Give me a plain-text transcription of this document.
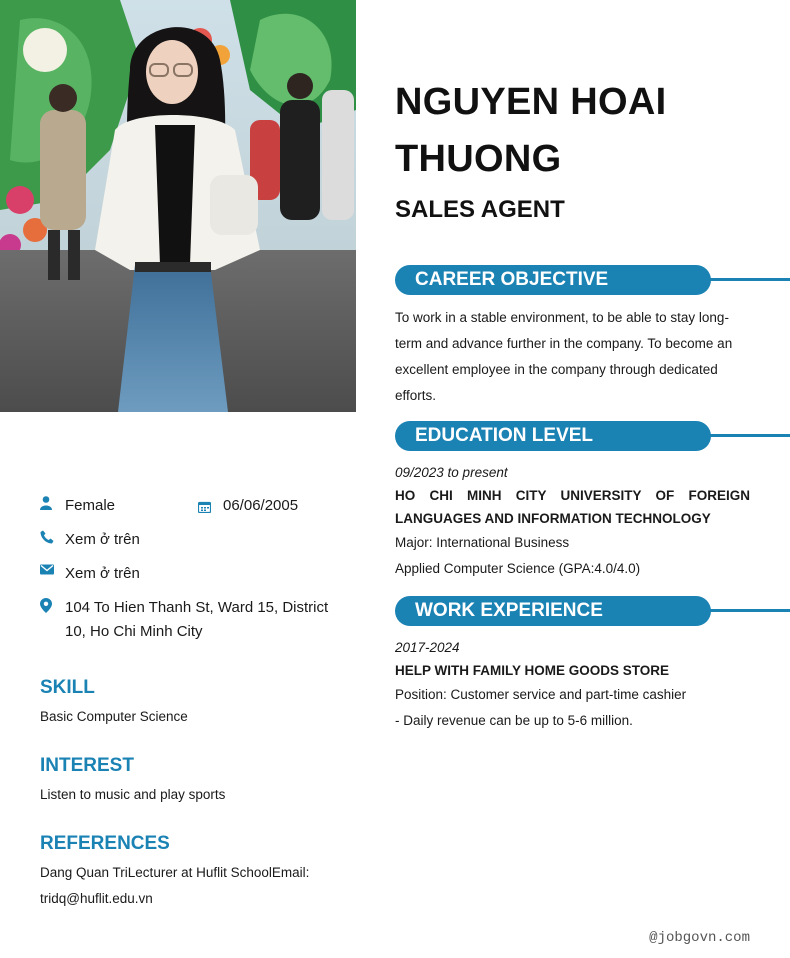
Female	06/06/2005
Xem ở trên
Xem ở trên
104 To Hien Thanh St, Ward 15, District 10, Ho Chi Minh City
SKILL
Basic Computer Science
INTEREST
Listen to music and play sports
REFERENCES
Dang Quan TriLecturer at Huflit SchoolEmail: tridq@huflit.edu.vn
NGUYEN HOAI
THUONG
SALES AGENT
CAREER OBJECTIVE
To work in a stable environment, to be able to stay long-term and advance further in the company. To become an excellent employee in the company through dedicated efforts.
EDUCATION LEVEL
09/2023 to present
HO CHI MINH CITY UNIVERSITY OF FOREIGN LANGUAGES AND INFORMATION TECHNOLOGY
Major: International Business
Applied Computer Science (GPA:4.0/4.0)
WORK EXPERIENCE
2017-2024
HELP WITH FAMILY HOME GOODS STORE
Position: Customer service and part-time cashier
- Daily revenue can be up to 5-6 million.
@jobgovn.com
